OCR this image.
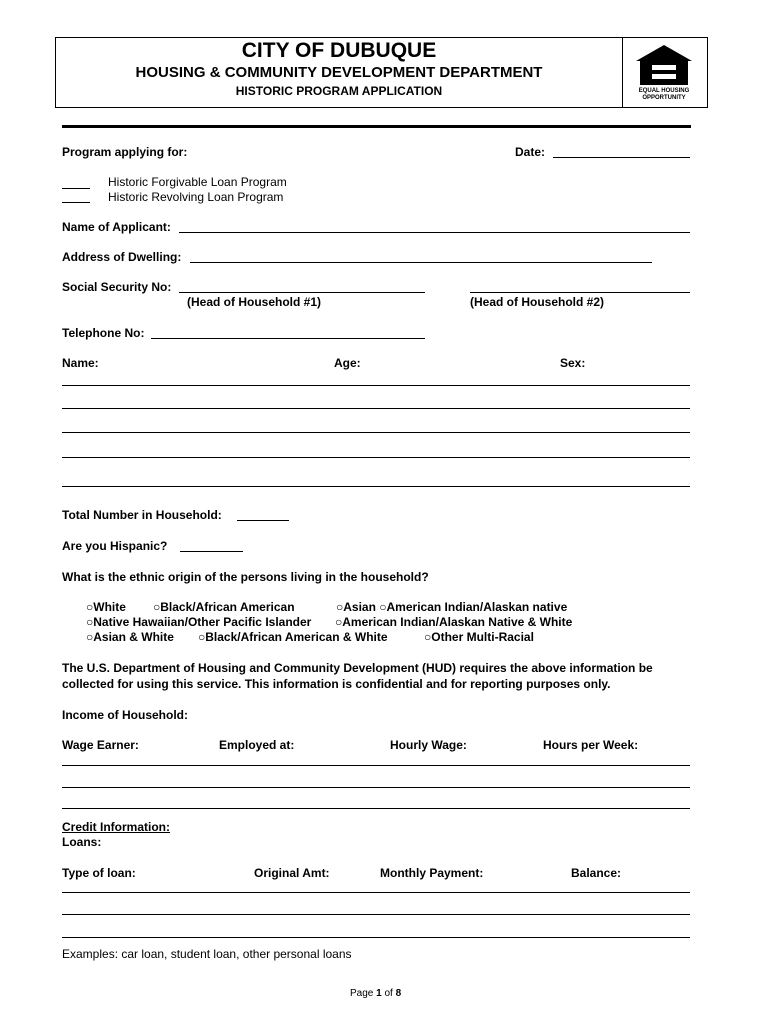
CITY OF DUBUQUE
HOUSING & COMMUNITY DEVELOPMENT DEPARTMENT
HISTORIC PROGRAM APPLICATION	EQUAL HOUSING OPPORTUNITY
Program applying for:	Date:
Historic Forgivable Loan Program
Historic Revolving Loan Program
Name of Applicant:
Address of Dwelling:
Social Security No:
(Head of Household #1)	(Head of Household #2)
Telephone No:
Name:	Age:	Sex:
Total Number in Household:
Are you Hispanic?
What is the ethnic origin of the persons living in the household?
○White ○Black/African American	○Asian ○American Indian/Alaskan native
○Native Hawaiian/Other Pacific Islander ○American Indian/Alaskan Native & White
○Asian & White ○Black/African American & White	○Other Multi-Racial
The U.S. Department of Housing and Community Development (HUD) requires the above information be
collected for using this service. This information is confidential and for reporting purposes only.
Income of Household:
Wage Earner:	Employed at:	Hourly Wage:	Hours per Week:
Credit Information:
Loans:
Type of loan:	Original Amt:	Monthly Payment:	Balance:
Examples: car loan, student loan, other personal loans
Page 1 of 8
